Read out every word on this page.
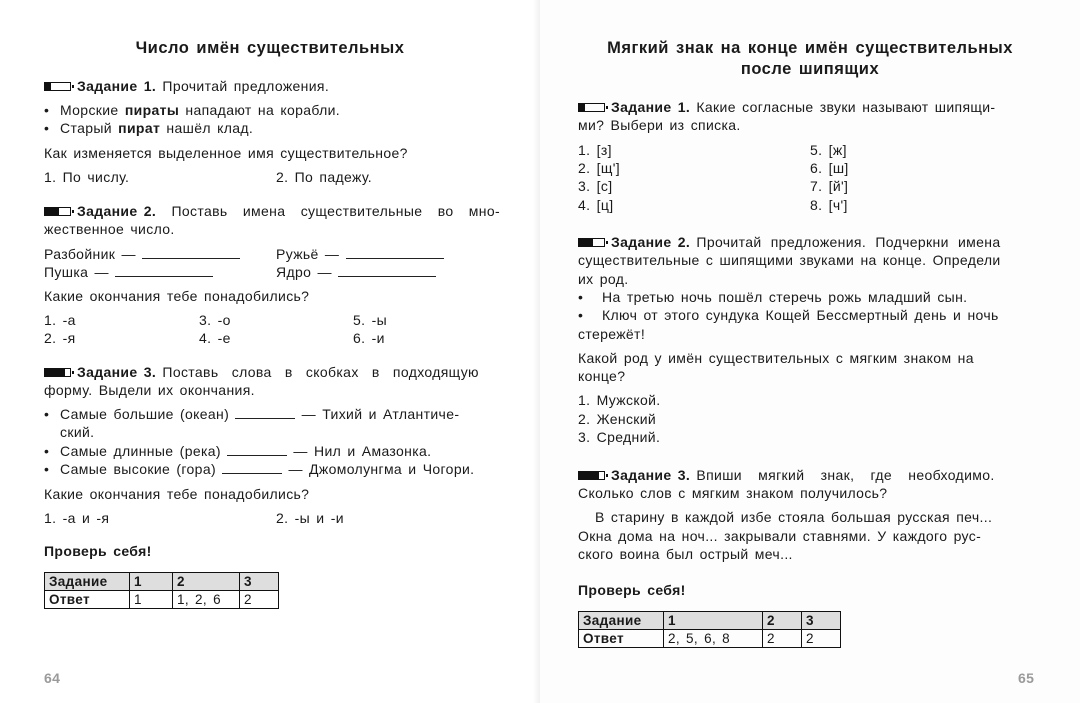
Число имён существительных
Задание 1. Прочитай предложения.
• Морские пираты нападают на корабли.
• Старый пират нашёл клад.
Как изменяется выделенное имя существительное?
1. По числу.	2. По падежу.
Задание 2. Поставь имена существительные во мно-
жественное число.
Разбойник —	Ружьё —
Пушка —	Ядро —
Какие окончания тебе понадобились?
1. -а	3. -о	5. -ы
2. -я	4. -е	6. -и
Задание 3. Поставь слова в скобках в подходящую
форму. Выдели их окончания.
• Самые большие (океан)	— Тихий и Атлантиче-
ский.
• Самые длинные (река)	— Нил и Амазонка.
• Самые высокие (гора)	— Джомолунгма и Чогори.
Какие окончания тебе понадобились?
1. -а и -я	2. -ы и -и
Проверь себя!
Задание	1	2	3
Ответ	1	1, 2, 6	2
64
Мягкий знак на конце имён существительных
после шипящих
Задание 1. Какие согласные звуки называют шипящи-
ми? Выбери из списка.
1. [з]	5. [ж]
2. [щ']	6. [ш]
3. [с]	7. [й']
4. [ц]	8. [ч']
Задание 2. Прочитай предложения. Подчеркни имена
существительные с шипящими звуками на конце. Определи
их род.
• На третью ночь пошёл стеречь рожь младший сын.
• Ключ от этого сундука Кощей Бессмертный день и ночь
стережёт!
Какой род у имён существительных с мягким знаком на
конце?
1. Мужской.
2. Женский
3. Средний.
Задание 3. Впиши мягкий знак, где необходимо.
Сколько слов с мягким знаком получилось?
В старину в каждой избе стояла большая русская печ...
Окна дома на ноч... закрывали ставнями. У каждого рус-
ского воина был острый меч...
Проверь себя!
Задание	1	2	3
Ответ	2, 5, 6, 8	2	2
65
